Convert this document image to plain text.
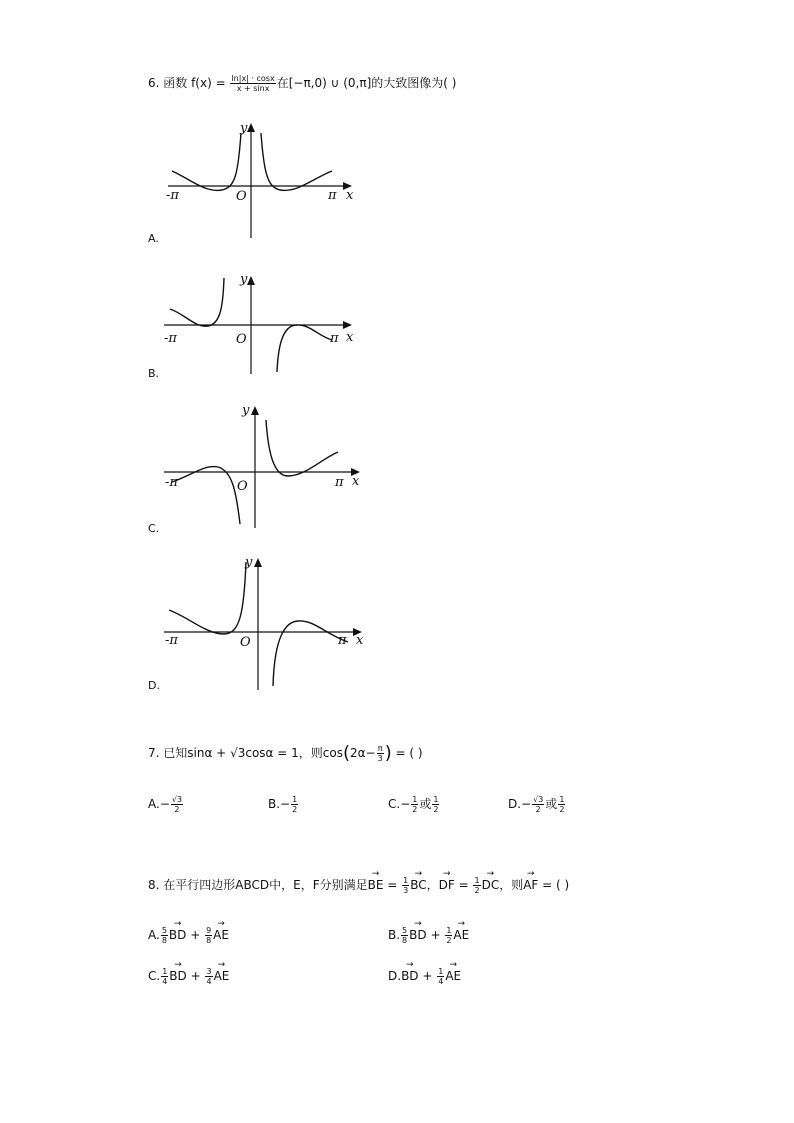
6. 函数 $f(x) = \frac{\ln|x| \cdot \cos x}{x + \sin x}$ 在[−π,0) ∪ (0,π]的大致图像为( )
x
y
O
-π	π
A.
x
y
O
-π	π
B.
x
y
O
-π	π
C.
x
y
O
-π	π
D.
7. 已知sinα + √3cosα = 1，则$\cos(2\alpha- \frac{\pi}{3}$ ) = ( )
$A.- \frac{√3}{2}$	$B.- \frac{1}{2}$	$C.- \frac{1}{2}$ 或 $\frac{1}{2}$	$D.- \frac{√3}{2}$ 或 $\frac{1}{2}$
8. 在平行四边形ABCD中，E，F分别满足→ BE = $\frac{1}{3}$ → BC，→ DF = $\frac{1}{2}$ → DC，则→ AF = ( )
A. $\frac{5}{8}$ → BD + $\frac{9}{8}$ → AE	B. $\frac{5}{8}$ → BD + $\frac{1}{2}$ → AE
C. $\frac{1}{4}$ → BD + $\frac{3}{4}$ → AE	D.→ BD + $\frac{1}{4}$ → AE
